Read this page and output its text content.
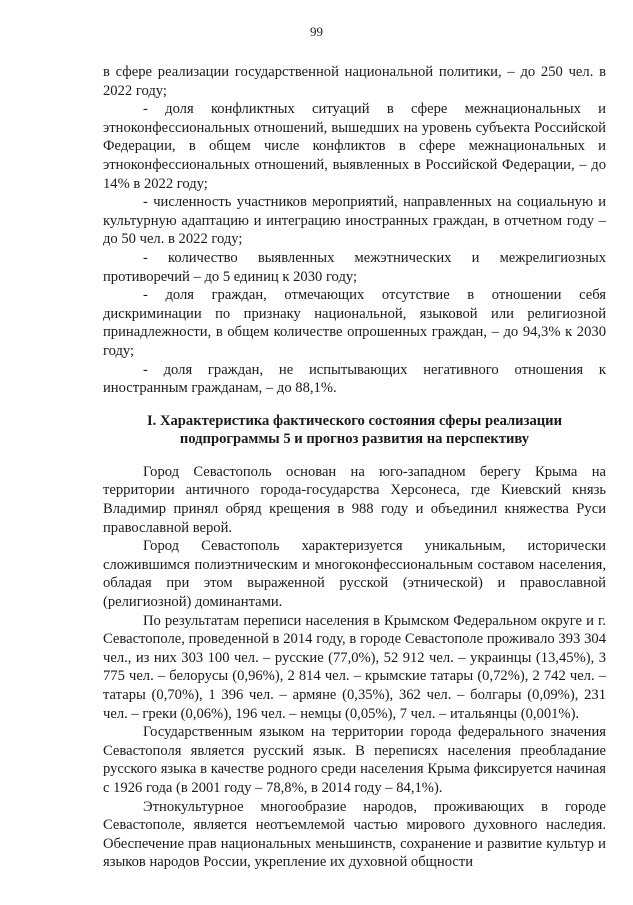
99

в сфере реализации государственной национальной политики, – до 250 чел. в 2022 году;

- доля конфликтных ситуаций в сфере межнациональных и этноконфессиональных отношений, вышедших на уровень субъекта Российской Федерации, в общем числе конфликтов в сфере межнациональных и этноконфессиональных отношений, выявленных в Российской Федерации, – до 14% в 2022 году;

- численность участников мероприятий, направленных на социальную и культурную адаптацию и интеграцию иностранных граждан, в отчетном году – до 50 чел. в 2022 году;

- количество выявленных межэтнических и межрелигиозных противоречий – до 5 единиц к 2030 году;

- доля граждан, отмечающих отсутствие в отношении себя дискриминации по признаку национальной, языковой или религиозной принадлежности, в общем количестве опрошенных граждан, – до 94,3% к 2030 году;

- доля граждан, не испытывающих негативного отношения к иностранным гражданам, – до 88,1%.

I. Характеристика фактического состояния сферы реализации
подпрограммы 5 и прогноз развития на перспективу

Город Севастополь основан на юго-западном берегу Крыма на территории античного города-государства Херсонеса, где Киевский князь Владимир принял обряд крещения в 988 году и объединил княжества Руси православной верой.

Город Севастополь характеризуется уникальным, исторически сложившимся полиэтническим и многоконфессиональным составом населения, обладая при этом выраженной русской (этнической) и православной (религиозной) доминантами.

По результатам переписи населения в Крымском Федеральном округе и г. Севастополе, проведенной в 2014 году, в городе Севастополе проживало 393 304 чел., из них 303 100 чел. – русские (77,0%), 52 912 чел. – украинцы (13,45%), 3 775 чел. – белорусы (0,96%), 2 814 чел. – крымские татары (0,72%), 2 742 чел. – татары (0,70%), 1 396 чел. – армяне (0,35%), 362 чел. – болгары (0,09%), 231 чел. – греки (0,06%), 196 чел. – немцы (0,05%), 7 чел. – итальянцы (0,001%).

Государственным языком на территории города федерального значения Севастополя является русский язык. В переписях населения преобладание русского языка в качестве родного среди населения Крыма фиксируется начиная с 1926 года (в 2001 году – 78,8%, в 2014 году – 84,1%).

Этнокультурное многообразие народов, проживающих в городе Севастополе, является неотъемлемой частью мирового духовного наследия. Обеспечение прав национальных меньшинств, сохранение и развитие культур и языков народов России, укрепление их духовной общности
